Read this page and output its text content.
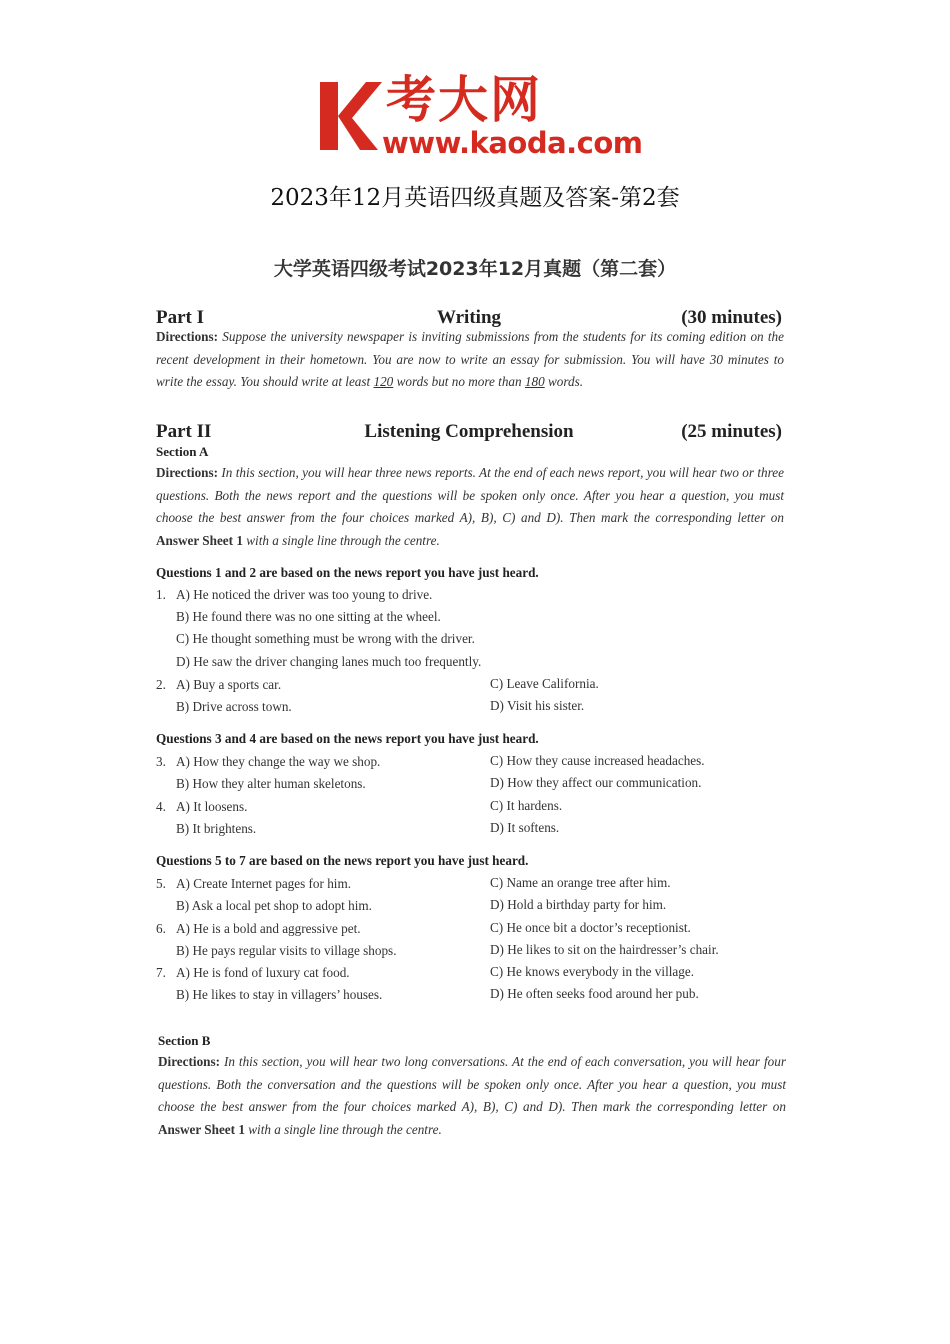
考大网
www.kaoda.com
2023年12月英语四级真题及答案-第2套
大学英语四级考试2023年12月真题（第二套）
Writing
Part I	(30 minutes)
Directions: Suppose the university newspaper is inviting submissions from the students for its coming edition on the recent development in their hometown. You are now to write an essay for submission. You will have 30 minutes to write the essay. You should write at least 120 words but no more than 180 words.
Listening Comprehension
Part II	(25 minutes)
Section A
Directions: In this section, you will hear three news reports. At the end of each news report, you will hear two or three questions. Both the news report and the questions will be spoken only once. After you hear a question, you must choose the best answer from the four choices marked A), B), C) and D). Then mark the corresponding letter on Answer Sheet 1 with a single line through the centre.
Questions 1 and 2 are based on the news report you have just heard.
1. A) He noticed the driver was too young to drive.
B) He found there was no one sitting at the wheel.
C) He thought something must be wrong with the driver.
D) He saw the driver changing lanes much too frequently.
2. A) Buy a sports car.	C) Leave California.
B) Drive across town.	D) Visit his sister.
Questions 3 and 4 are based on the news report you have just heard.
3. A) How they change the way we shop.	C) How they cause increased headaches.
B) How they alter human skeletons.	D) How they affect our communication.
4. A) It loosens.	C) It hardens.
B) It brightens.	D) It softens.
Questions 5 to 7 are based on the news report you have just heard.
5. A) Create Internet pages for him.	C) Name an orange tree after him.
B) Ask a local pet shop to adopt him.	D) Hold a birthday party for him.
6. A) He is a bold and aggressive pet.	C) He once bit a doctor’s receptionist.
B) He pays regular visits to village shops.	D) He likes to sit on the hairdresser’s chair.
7. A) He is fond of luxury cat food.	C) He knows everybody in the village.
B) He likes to stay in villagers’ houses.	D) He often seeks food around her pub.
Section B
Directions: In this section, you will hear two long conversations. At the end of each conversation, you will hear four questions. Both the conversation and the questions will be spoken only once. After you hear a question, you must choose the best answer from the four choices marked A), B), C) and D). Then mark the corresponding letter on Answer Sheet 1 with a single line through the centre.
